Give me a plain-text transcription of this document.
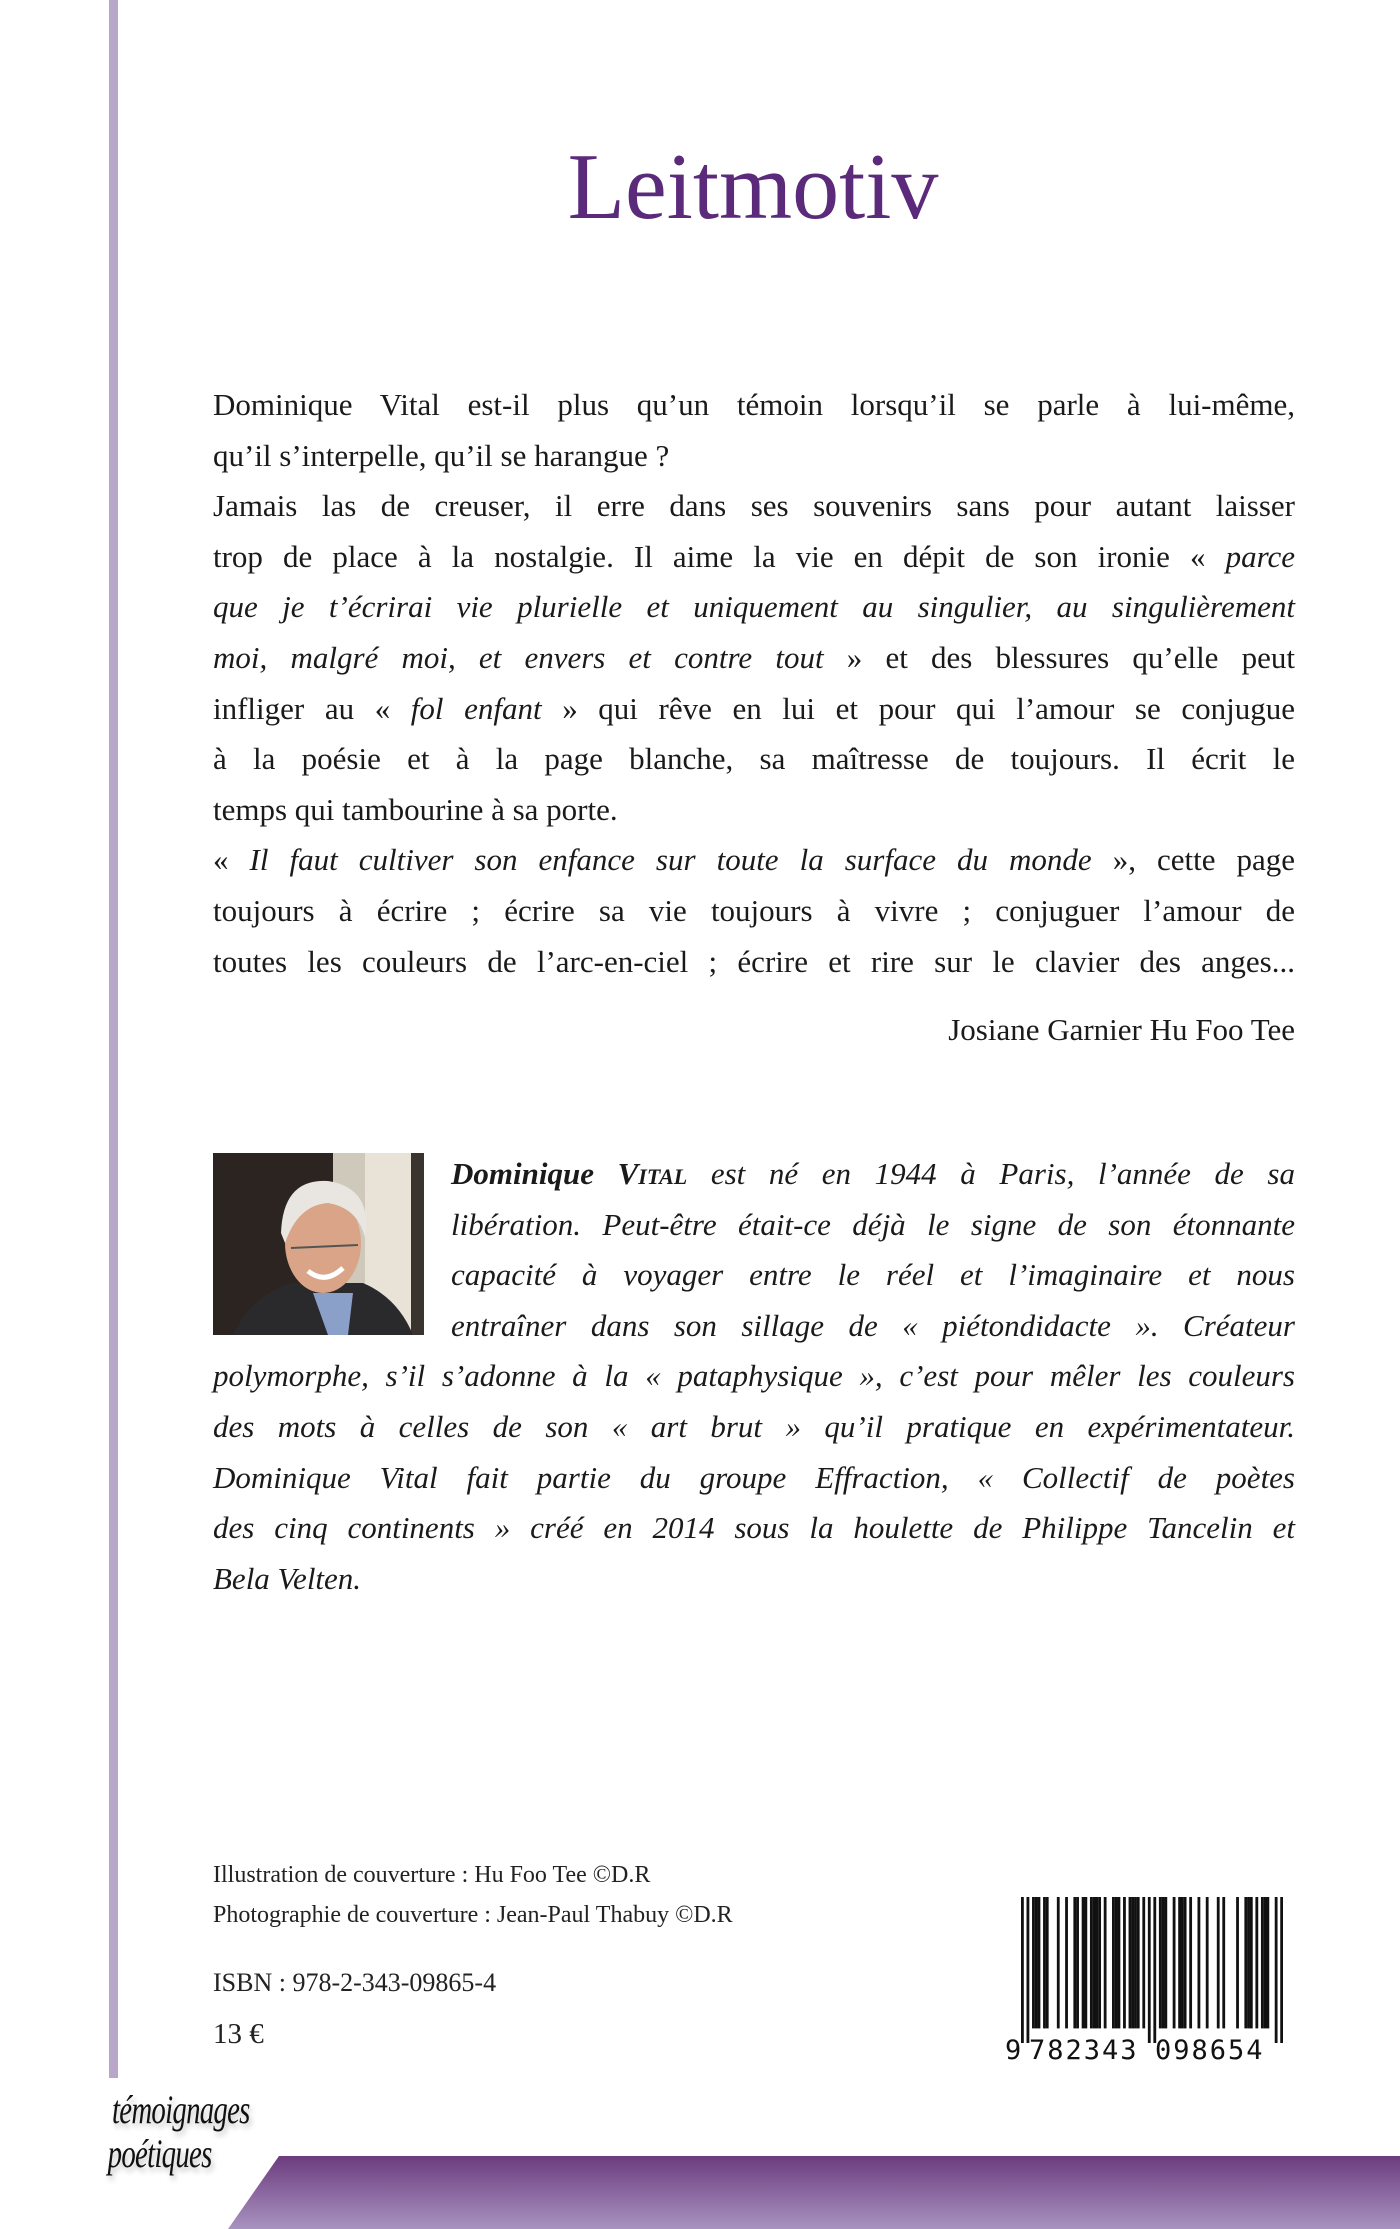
Leitmotiv
Dominique Vital est-il plus qu’un témoin lorsqu’il se parle à lui-même,
qu’il s’interpelle, qu’il se harangue ?
Jamais las de creuser, il erre dans ses souvenirs sans pour autant laisser
trop de place à la nostalgie. Il aime la vie en dépit de son ironie « parce
que je t’écrirai vie plurielle et uniquement au singulier, au singulièrement
moi, malgré moi, et envers et contre tout » et des blessures qu’elle peut
infliger au « fol enfant » qui rêve en lui et pour qui l’amour se conjugue
à la poésie et à la page blanche, sa maîtresse de toujours. Il écrit le
temps qui tambourine à sa porte.
« Il faut cultiver son enfance sur toute la surface du monde », cette page
toujours à écrire ; écrire sa vie toujours à vivre ; conjuguer l’amour de
toutes les couleurs de l’arc-en-ciel ; écrire et rire sur le clavier des anges...
Josiane Garnier Hu Foo Tee
Dominique Vital est né en 1944 à Paris, l’année de sa
libération. Peut-être était-ce déjà le signe de son étonnante
capacité à voyager entre le réel et l’imaginaire et nous
entraîner dans son sillage de « piétondidacte ». Créateur
polymorphe, s’il s’adonne à la « pataphysique », c’est pour mêler les couleurs
des mots à celles de son « art brut » qu’il pratique en expérimentateur.
Dominique Vital fait partie du groupe Effraction, « Collectif de poètes
des cinq continents » créé en 2014 sous la houlette de Philippe Tancelin et
Bela Velten.
Illustration de couverture : Hu Foo Tee ©D.R
Photographie de couverture : Jean-Paul Thabuy ©D.R
ISBN : 978-2-343-09865-4
13 €
9 782343 098654
témoignages
poétiques
